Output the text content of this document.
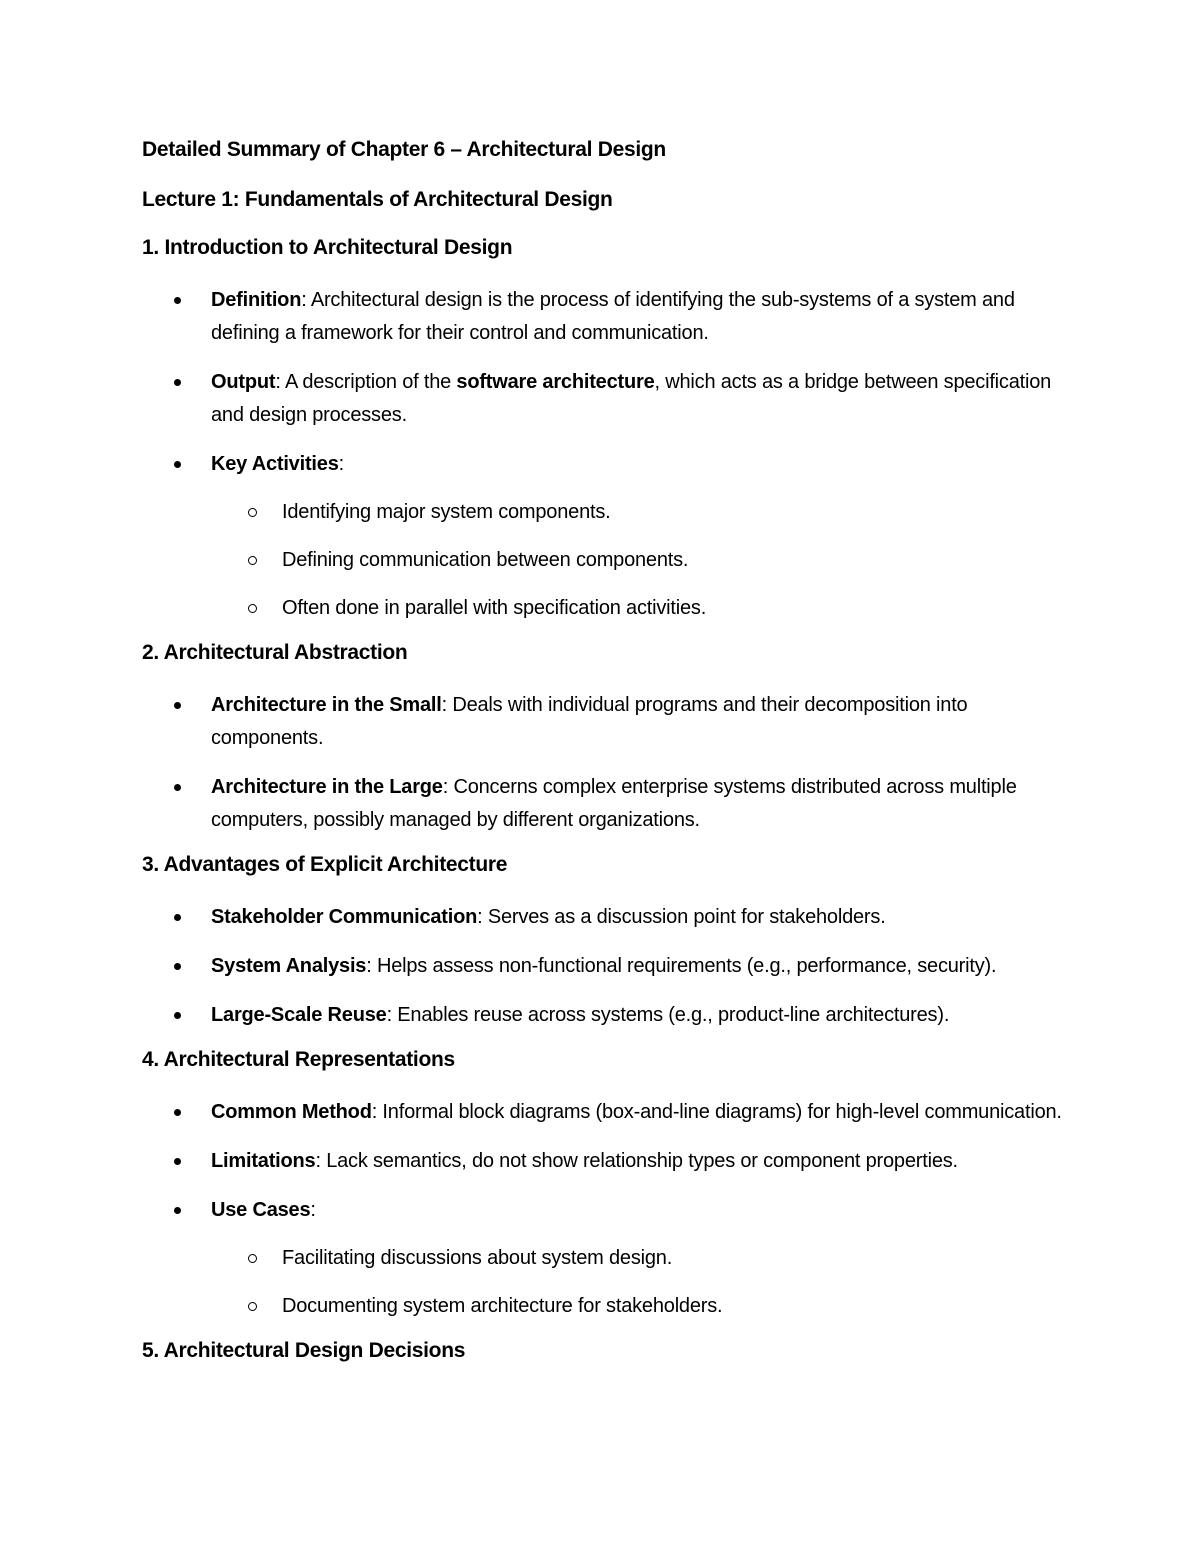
Detailed Summary of Chapter 6 – Architectural Design

Lecture 1: Fundamentals of Architectural Design

1. Introduction to Architectural Design

Definition: Architectural design is the process of identifying the sub-systems of a system and defining a framework for their control and communication.
Output: A description of the software architecture, which acts as a bridge between specification and design processes.
Key Activities:
Identifying major system components.
Defining communication between components.
Often done in parallel with specification activities.

2. Architectural Abstraction

Architecture in the Small: Deals with individual programs and their decomposition into components.
Architecture in the Large: Concerns complex enterprise systems distributed across multiple computers, possibly managed by different organizations.

3. Advantages of Explicit Architecture

Stakeholder Communication: Serves as a discussion point for stakeholders.
System Analysis: Helps assess non-functional requirements (e.g., performance, security).
Large-Scale Reuse: Enables reuse across systems (e.g., product-line architectures).

4. Architectural Representations

Common Method: Informal block diagrams (box-and-line diagrams) for high-level communication.
Limitations: Lack semantics, do not show relationship types or component properties.
Use Cases:
Facilitating discussions about system design.
Documenting system architecture for stakeholders.

5. Architectural Design Decisions
